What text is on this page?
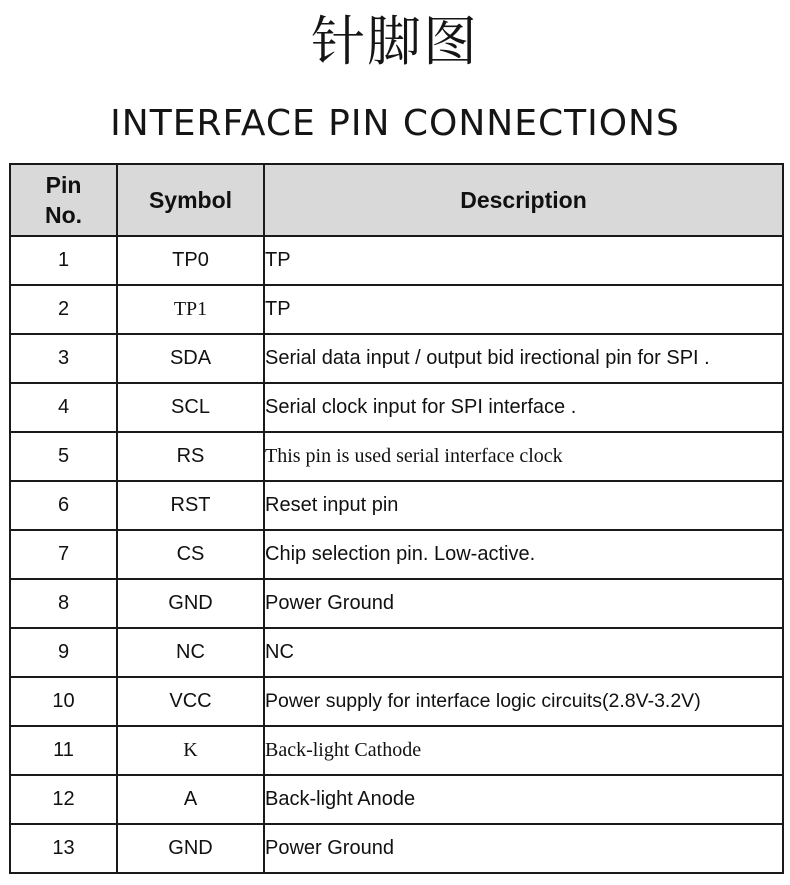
针脚图
INTERFACE PIN CONNECTIONS
Pin
No.	Symbol	Description
1	TP0	TP
2	TP1	TP
3	SDA	Serial data input / output bid irectional pin for SPI .
4	SCL	Serial clock input for SPI interface .
5	RS	This pin is used serial interface clock
6	RST	Reset input pin
7	CS	Chip selection pin. Low-active.
8	GND	Power Ground
9	NC	NC
10	VCC	Power supply for interface logic circuits(2.8V-3.2V)
11	K	Back-light Cathode
12	A	Back-light Anode
13	GND	Power Ground
